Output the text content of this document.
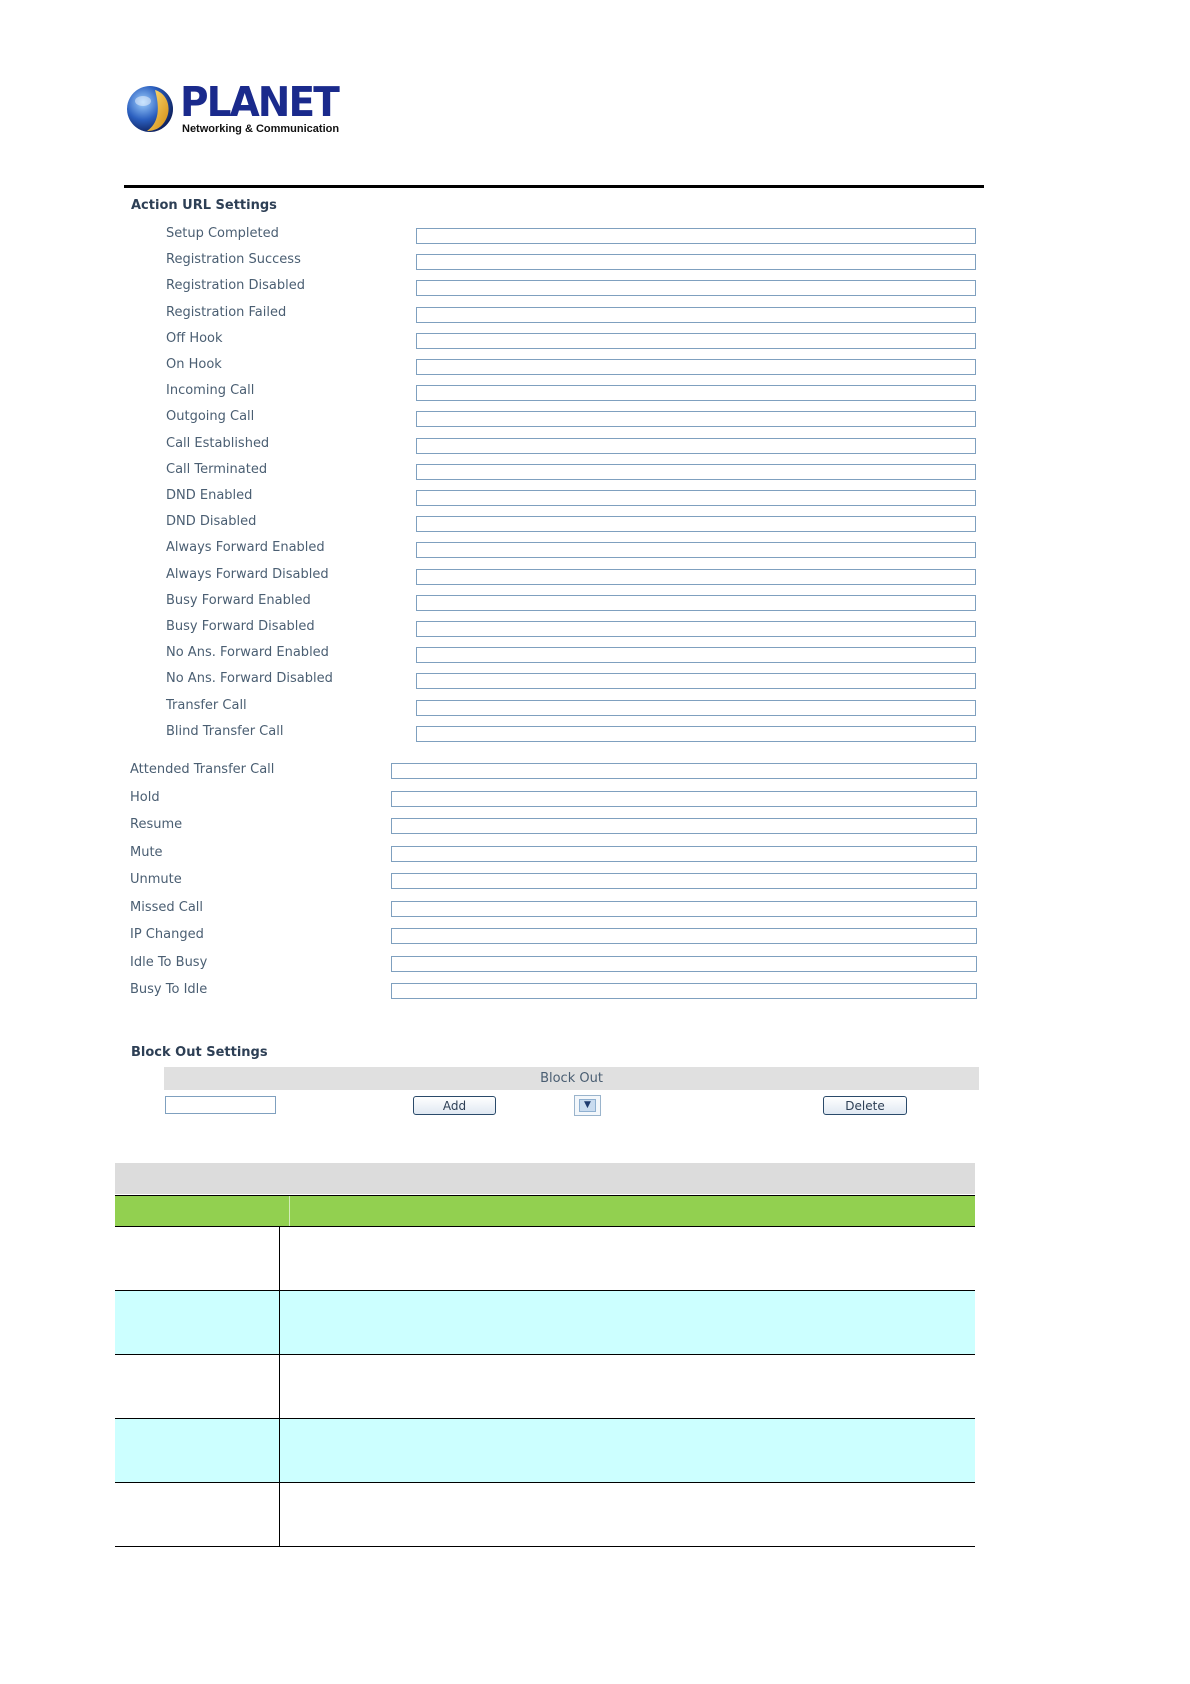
PLANET
Networking & Communication
Action URL Settings
Setup Completed
Registration Success
Registration Disabled
Registration Failed
Off Hook
On Hook
Incoming Call
Outgoing Call
Call Established
Call Terminated
DND Enabled
DND Disabled
Always Forward Enabled
Always Forward Disabled
Busy Forward Enabled
Busy Forward Disabled
No Ans. Forward Enabled
No Ans. Forward Disabled
Transfer Call
Blind Transfer Call
Attended Transfer Call
Hold
Resume
Mute
Unmute
Missed Call
IP Changed
Idle To Busy
Busy To Idle
Block Out Settings
Block Out
Add	▼	Delete
